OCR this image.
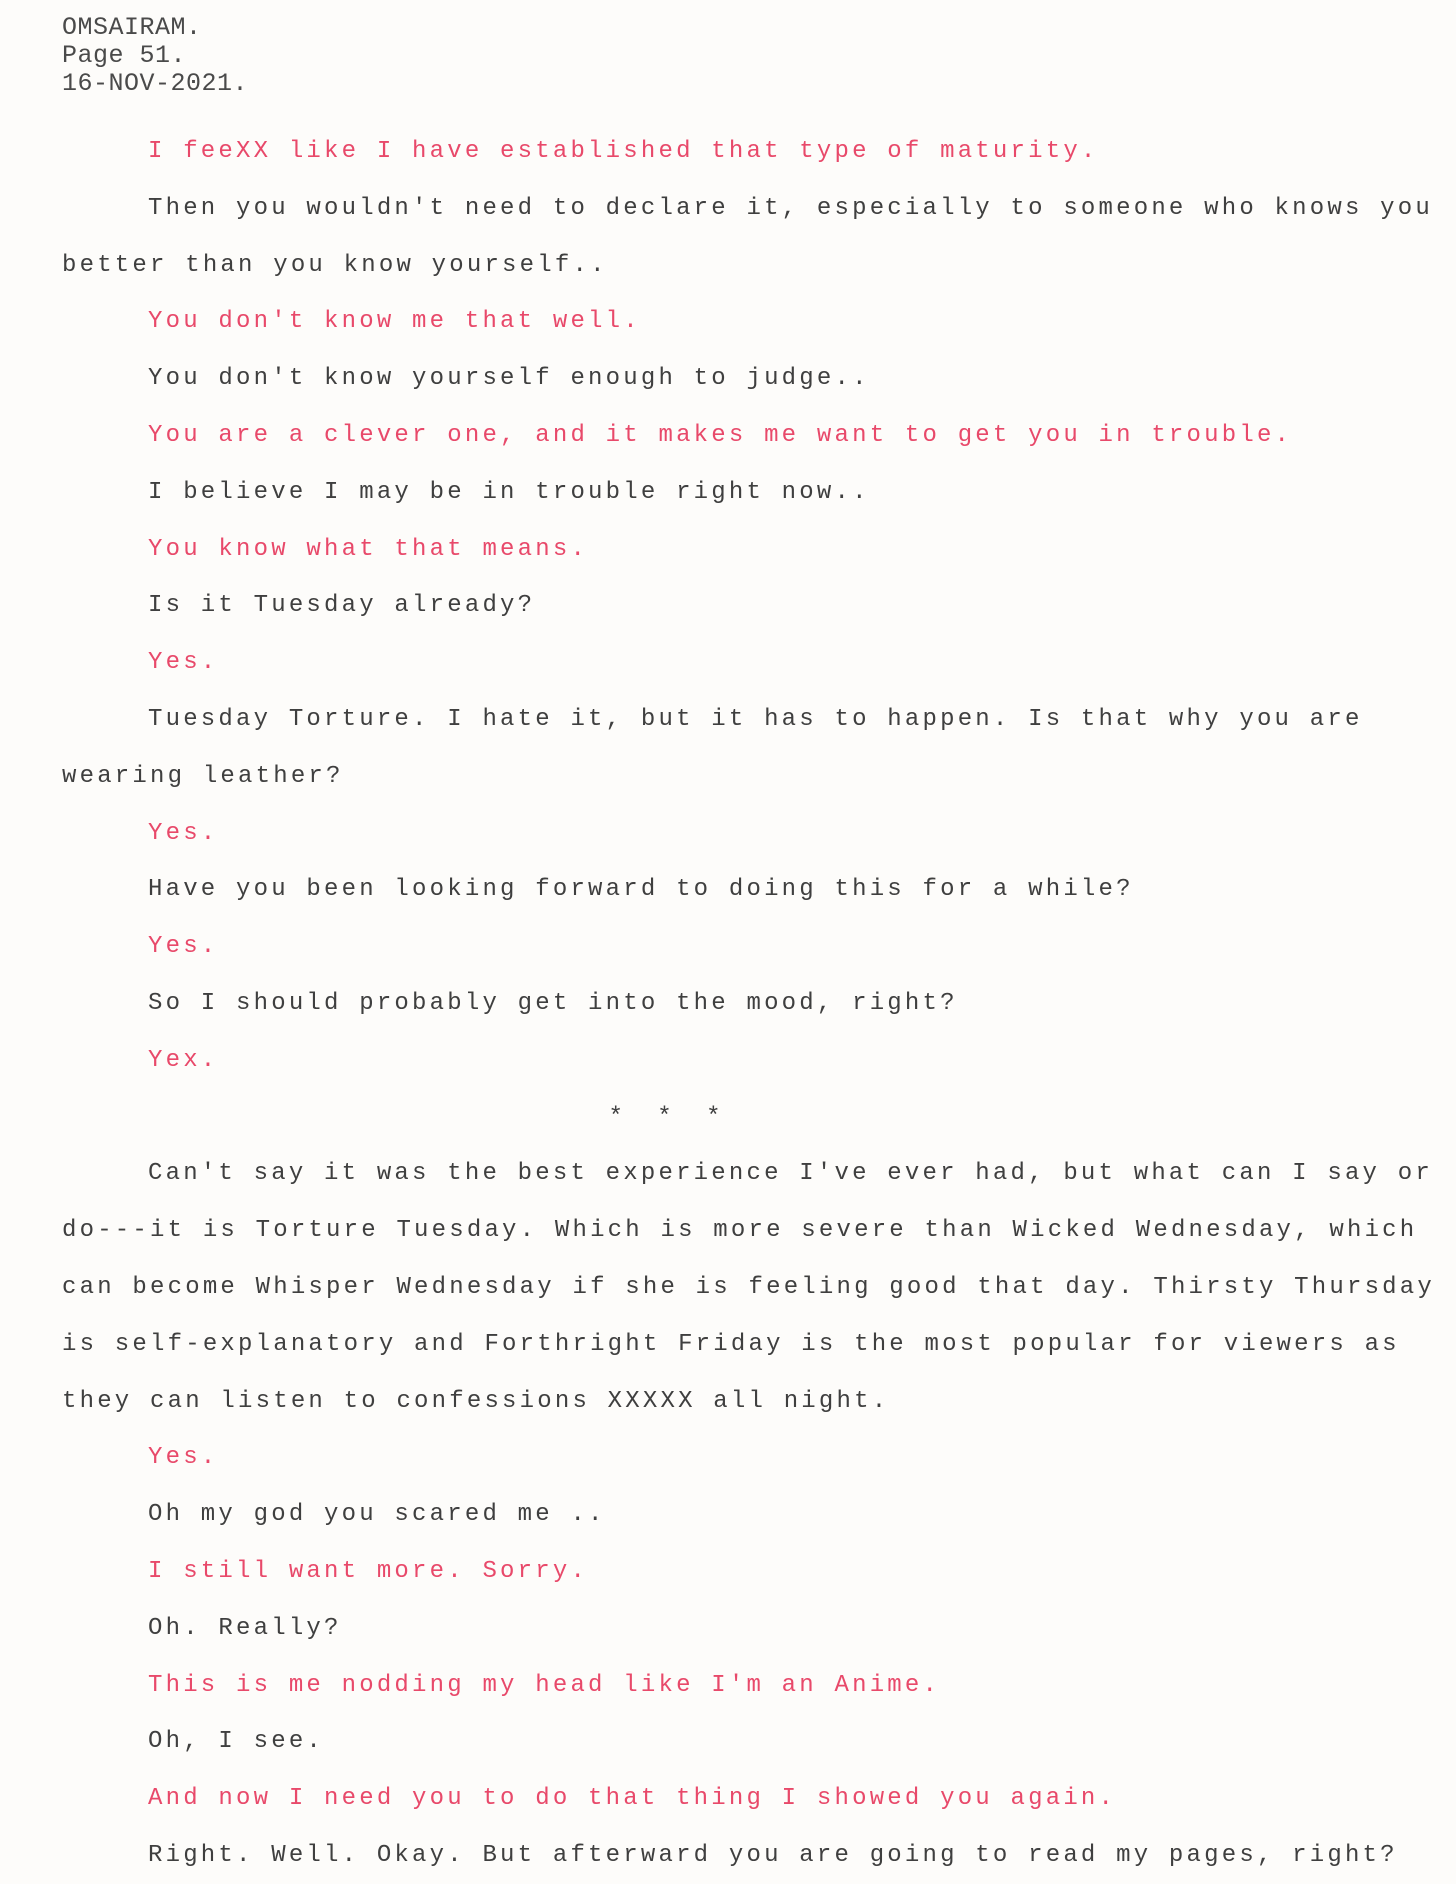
OMSAIRAM.
Page 51.
16-NOV-2021.
I feeXX like I have established that type of maturity.
Then you wouldn't need to declare it, especially to someone who knows you
better than you know yourself..
You don't know me that well.
You don't know yourself enough to judge..
You are a clever one, and it makes me want to get you in trouble.
I believe I may be in trouble right now..
You know what that means.
Is it Tuesday already?
Yes.
Tuesday Torture. I hate it, but it has to happen. Is that why you are
wearing leather?
Yes.
Have you been looking forward to doing this for a while?
Yes.
So I should probably get into the mood, right?
Yex.
* * *
Can't say it was the best experience I've ever had, but what can I say or
do---it is Torture Tuesday. Which is more severe than Wicked Wednesday, which
can become Whisper Wednesday if she is feeling good that day. Thirsty Thursday
is self-explanatory and Forthright Friday is the most popular for viewers as
they can listen to confessions XXXXX all night.
Yes.
Oh my god you scared me ..
I still want more. Sorry.
Oh. Really?
This is me nodding my head like I'm an Anime.
Oh, I see.
And now I need you to do that thing I showed you again.
Right. Well. Okay. But afterward you are going to read my pages, right?
